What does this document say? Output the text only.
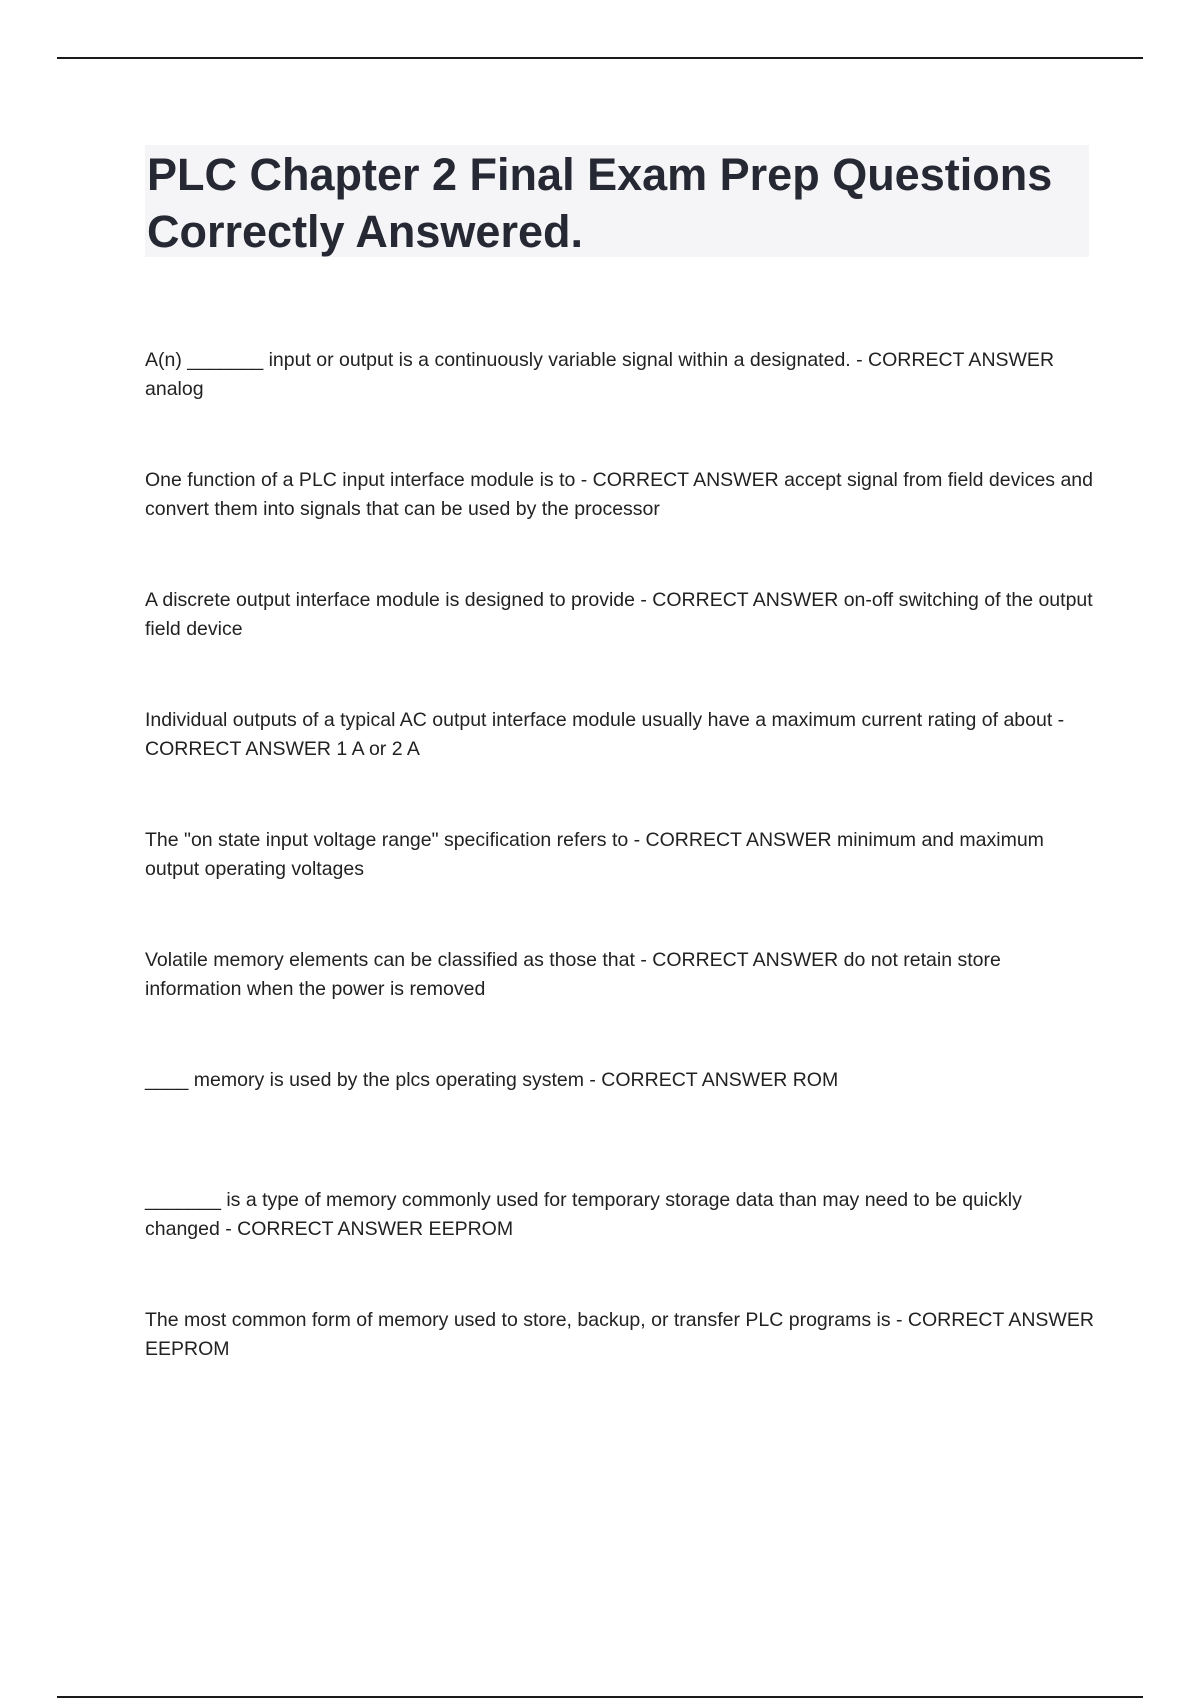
PLC Chapter 2 Final Exam Prep Questions Correctly Answered.

A(n) _______ input or output is a continuously variable signal within a designated. - CORRECT ANSWER analog

One function of a PLC input interface module is to - CORRECT ANSWER accept signal from field devices and convert them into signals that can be used by the processor

A discrete output interface module is designed to provide - CORRECT ANSWER on-off switching of the output field device

Individual outputs of a typical AC output interface module usually have a maximum current rating of about - CORRECT ANSWER 1 A or 2 A

The "on state input voltage range" specification refers to - CORRECT ANSWER minimum and maximum output operating voltages

Volatile memory elements can be classified as those that - CORRECT ANSWER do not retain store information when the power is removed

____ memory is used by the plcs operating system - CORRECT ANSWER ROM

_______ is a type of memory commonly used for temporary storage data than may need to be quickly changed - CORRECT ANSWER EEPROM

The most common form of memory used to store, backup, or transfer PLC programs is - CORRECT ANSWER EEPROM
